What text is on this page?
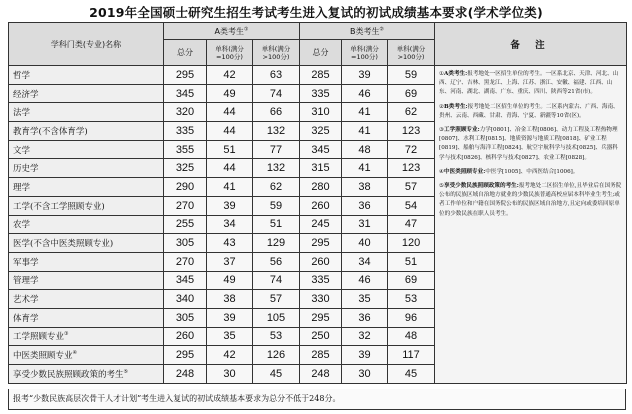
2019年全国硕士研究生招生考试考生进入复试的初试成绩基本要求(学术学位类)
学科门类(专业)名称	A类考生①			B类考生②			备 注
	总分	单科(满分=100分)	单科(满分>100分)	总分	单科(满分=100分)	单科(满分>100分)	
哲学	295	42	63	285	39	59	①A类考生:报考地处一区招生单位的考生。一区系北京、天津、河北、山西、辽宁、吉林、黑龙江、上海、江苏、浙江、安徽、福建、江西、山东、河南、湖北、湖南、广东、重庆、四川、陕西等21省(市)。

②B类考生:报考地处二区招生单位的考生。二区系内蒙古、广西、海南、贵州、云南、西藏、甘肃、青海、宁夏、新疆等10省(区)。

③工学照顾专业:力学[0801]、冶金工程[0806]、动力工程及工程热物理[0807]、水利工程[0815]、地质资源与地质工程[0818]、矿业工程[0819]、船舶与海洋工程[0824]、航空宇航科学与技术[0825]、兵器科学与技术[0826]、核科学与技术[0827]、农业工程[0828]。

④中医类照顾专业:中医学[1005]、中西医结合[1006]。

⑤享受少数民族照顾政策的考生:报考地处二区招生单位,且毕业后在国务院公布的民族区域自治地方就业的少数民族普通高校应届本科毕业生考生;或者工作单位和户籍在国务院公布的民族区域自治地方,且定向或委培回原单位的少数民族在职人员考生。

经济学	345	49	74	335	46	69	
法学	320	44	66	310	41	62	
教育学(不含体育学)	335	44	132	325	41	123	
文学	355	51	77	345	48	72	
历史学	325	44	132	315	41	123	
理学	290	41	62	280	38	57	
工学(不含工学照顾专业)	270	39	59	260	36	54	
农学	255	34	51	245	31	47	
医学(不含中医类照顾专业)	305	43	129	295	40	120	
军事学	270	37	56	260	34	51	
管理学	345	49	74	335	46	69	
艺术学	340	38	57	330	35	53	
体育学	305	39	105	295	36	96	
工学照顾专业③	260	35	53	250	32	48	
中医类照顾专业④	295	42	126	285	39	117	
享受少数民族照顾政策的考生⑤	248	30	45	248	30	45	
报考“少数民族高层次骨干人才计划”考生进入复试的初试成绩基本要求为总分不低于248分。
